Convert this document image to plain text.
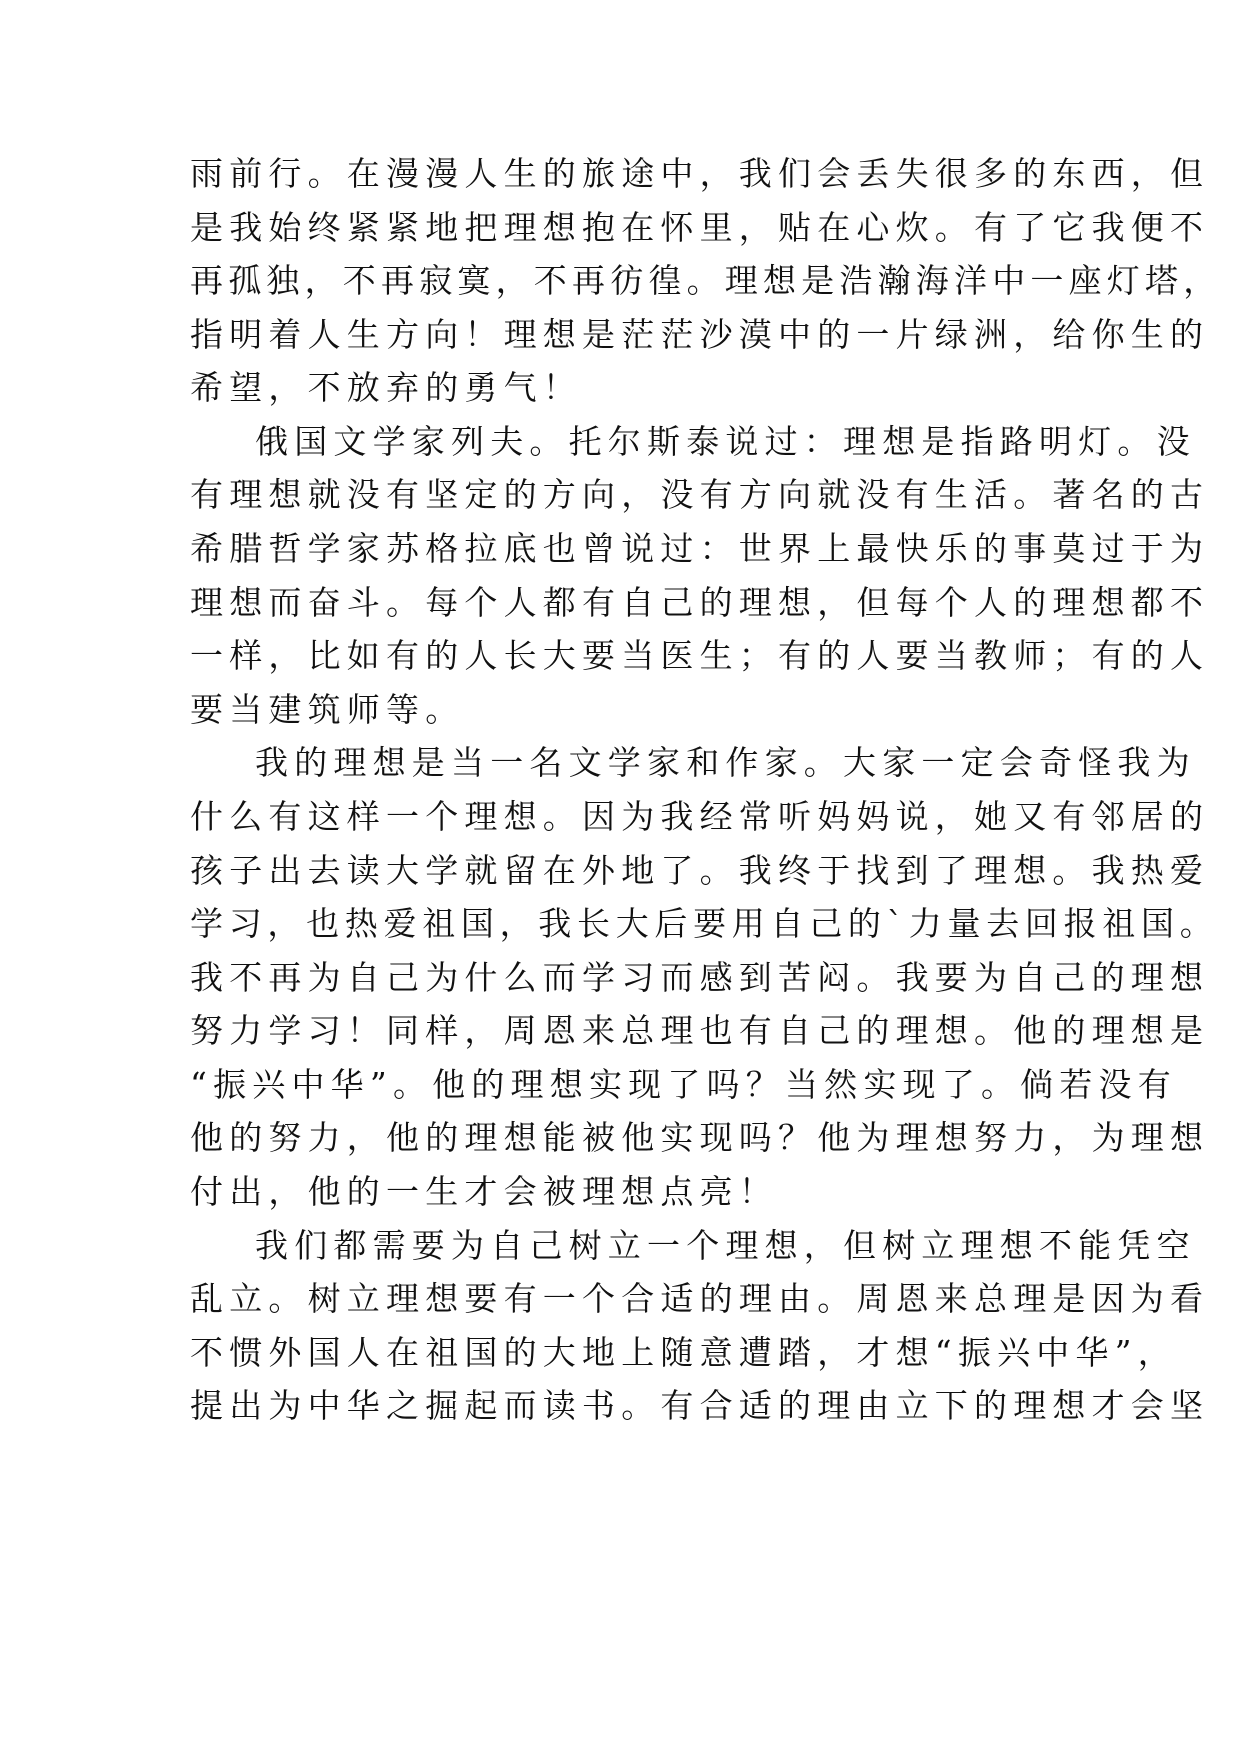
雨前行。在漫漫人生的旅途中，我们会丢失很多的东西，但
是我始终紧紧地把理想抱在怀里，贴在心炊。有了它我便不
再孤独，不再寂寞，不再彷徨。理想是浩瀚海洋中一座灯塔，
指明着人生方向！理想是茫茫沙漠中的一片绿洲，给你生的
希望，不放弃的勇气！
俄国文学家列夫。托尔斯泰说过：理想是指路明灯。没
有理想就没有坚定的方向，没有方向就没有生活。著名的古
希腊哲学家苏格拉底也曾说过：世界上最快乐的事莫过于为
理想而奋斗。每个人都有自己的理想，但每个人的理想都不
一样，比如有的人长大要当医生；有的人要当教师；有的人
要当建筑师等。
我的理想是当一名文学家和作家。大家一定会奇怪我为
什么有这样一个理想。因为我经常听妈妈说，她又有邻居的
孩子出去读大学就留在外地了。我终于找到了理想。我热爱
学习，也热爱祖国，我长大后要用自己的`力量去回报祖国。
我不再为自己为什么而学习而感到苦闷。我要为自己的理想
努力学习！同样，周恩来总理也有自己的理想。他的理想是
“振兴中华”。他的理想实现了吗？当然实现了。倘若没有
他的努力，他的理想能被他实现吗？他为理想努力，为理想
付出，他的一生才会被理想点亮！
我们都需要为自己树立一个理想，但树立理想不能凭空
乱立。树立理想要有一个合适的理由。周恩来总理是因为看
不惯外国人在祖国的大地上随意遭踏，才想“振兴中华”，
提出为中华之掘起而读书。有合适的理由立下的理想才会坚
